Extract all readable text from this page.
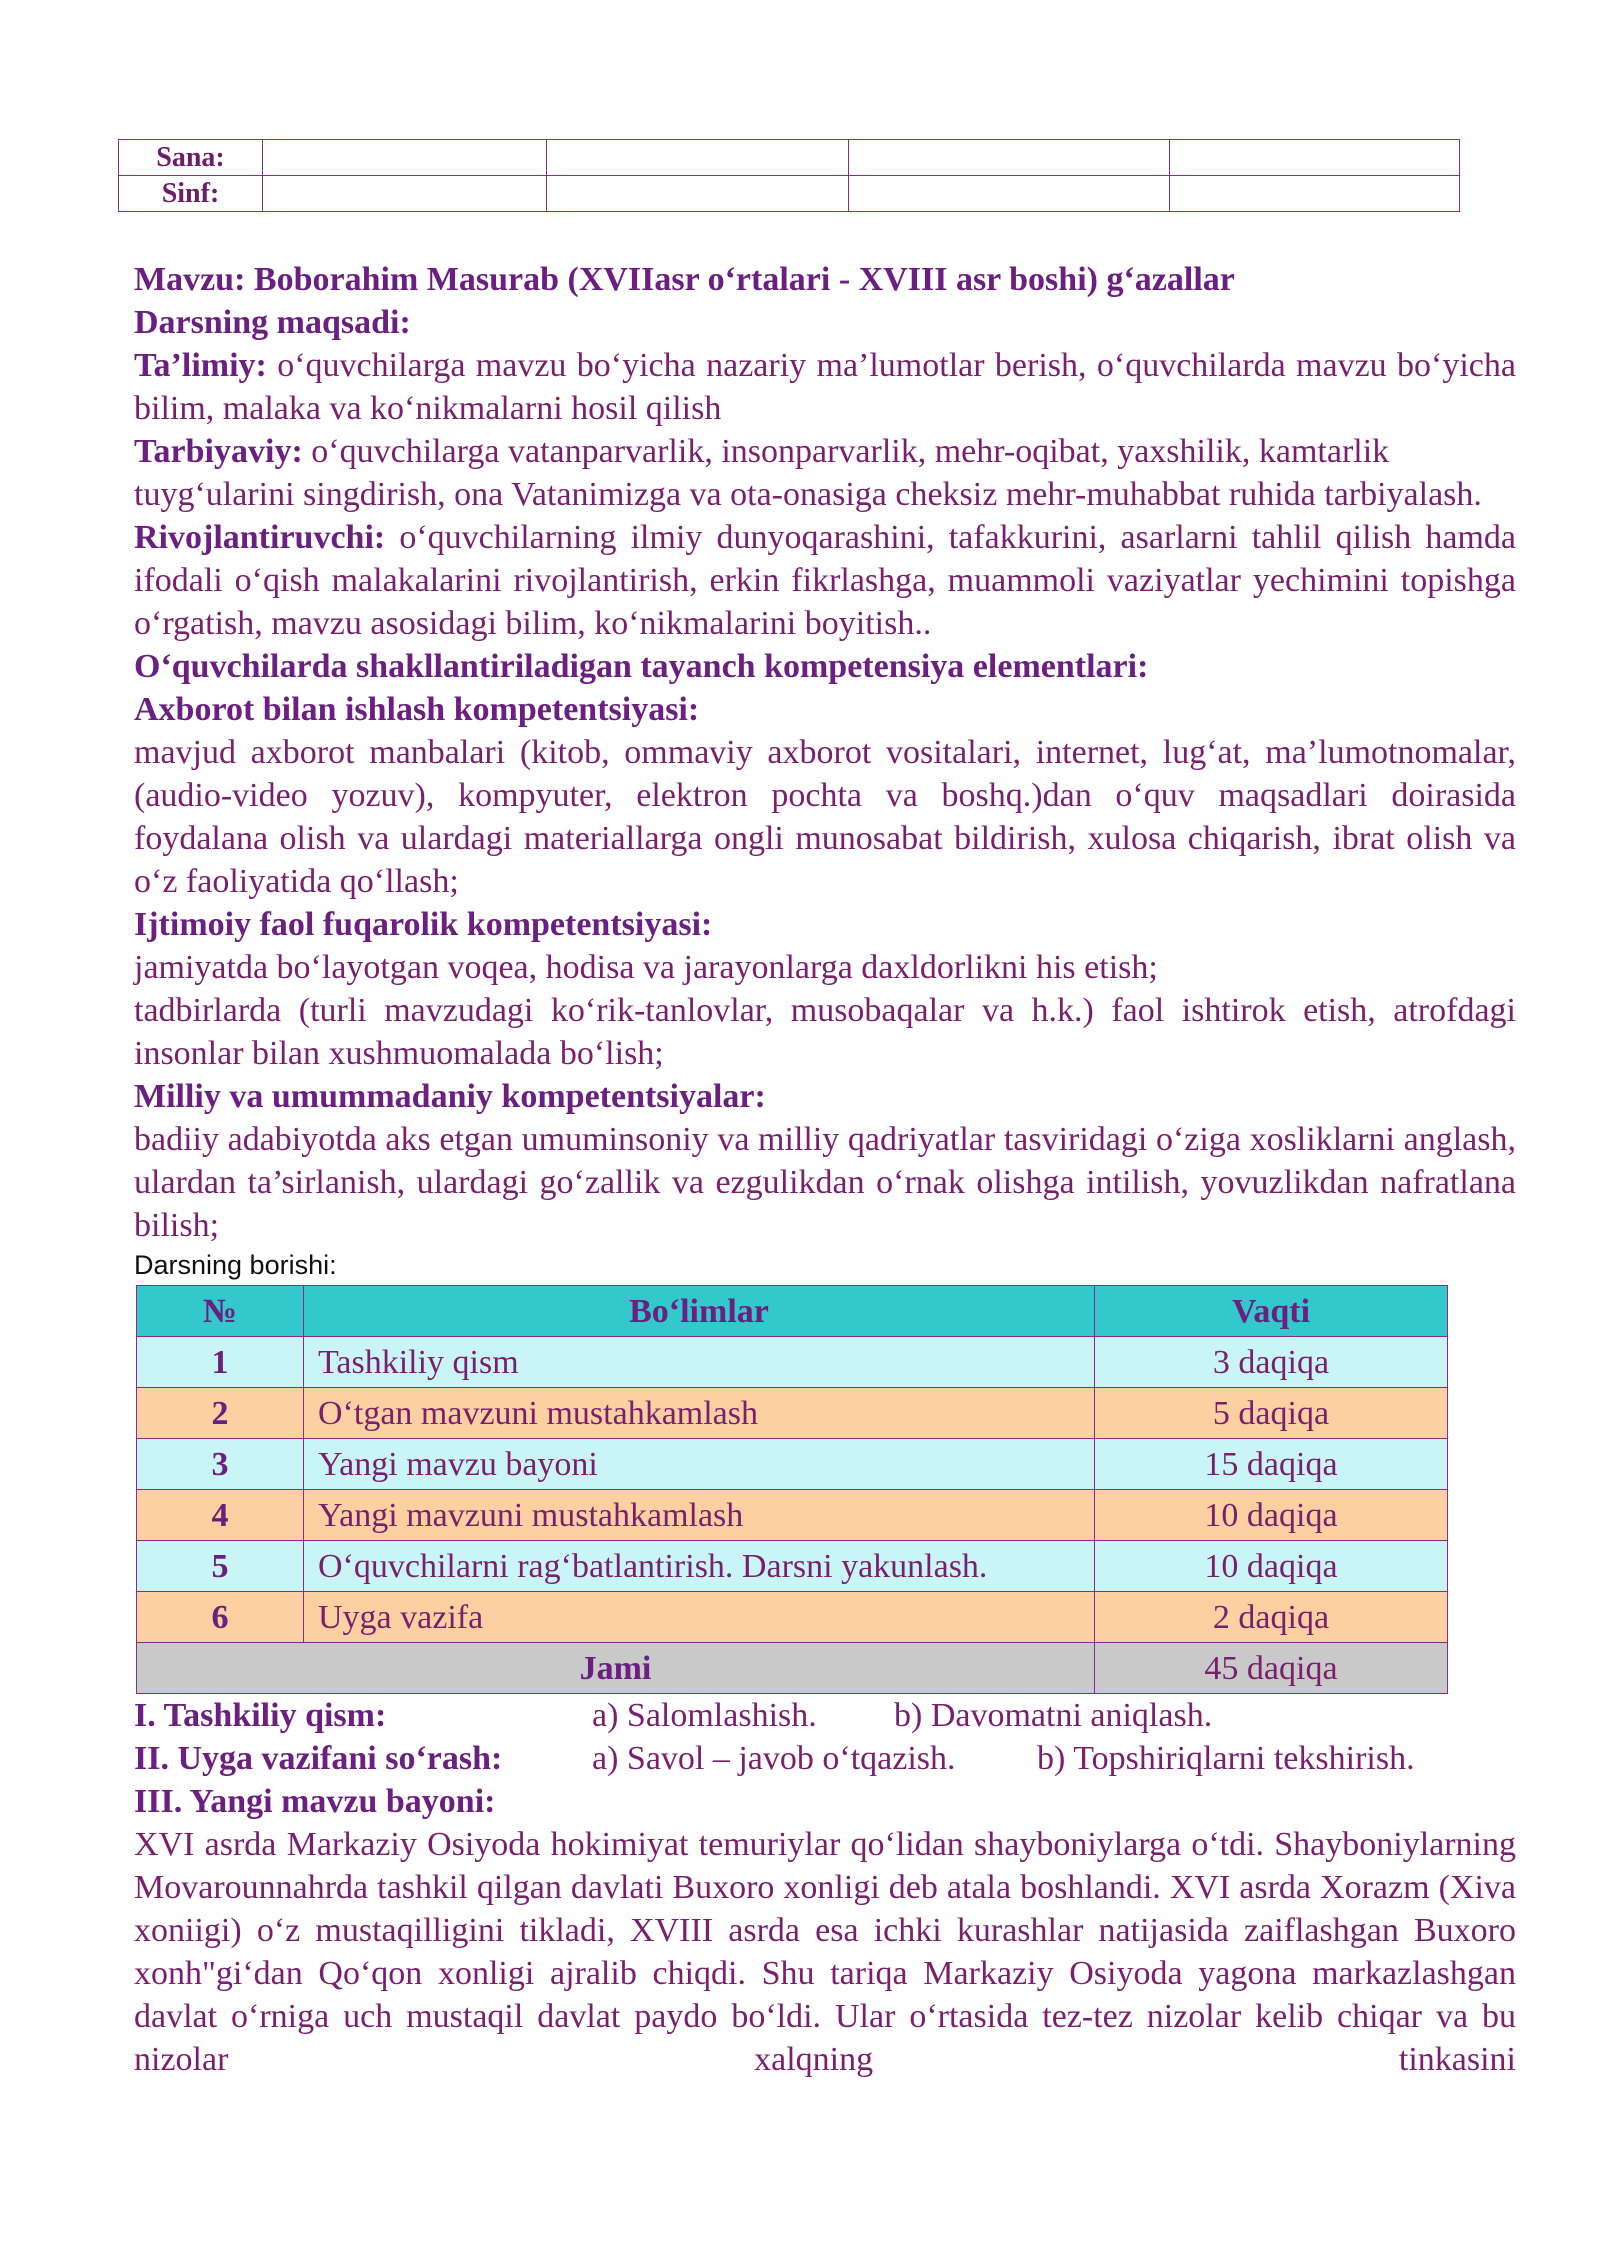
Sana:				
Sinf:				

Mavzu: Boborahim Masurab (XVIIasr o‘rtalari - XVIII asr boshi) g‘azallar

Darsning maqsadi:

Ta’limiy: o‘quvchilarga mavzu bo‘yicha nazariy ma’lumotlar berish, o‘quvchilarda mavzu bo‘yicha bilim, malaka va ko‘nikmalarni hosil qilish

Tarbiyaviy: o‘quvchilarga vatanparvarlik, insonparvarlik, mehr-oqibat, yaxshilik, kamtarlik tuyg‘ularini singdirish, ona Vatanimizga va ota-onasiga cheksiz mehr-muhabbat ruhida tarbiyalash.

Rivojlantiruvchi: o‘quvchilarning ilmiy dunyoqarashini, tafakkurini, asarlarni tahlil qilish hamda ifodali o‘qish malakalarini rivojlantirish, erkin fikrlashga, muammoli vaziyatlar yechimini topishga o‘rgatish, mavzu asosidagi bilim, ko‘nikmalarini boyitish..

O‘quvchilarda shakllantiriladigan tayanch kompetensiya elementlari:

Axborot bilan ishlash kompetentsiyasi:

mavjud axborot manbalari (kitob, ommaviy axborot vositalari, internet, lug‘at, ma’lumotnomalar, (audio-video yozuv), kompyuter, elektron pochta va boshq.)dan o‘quv maqsadlari doirasida foydalana olish va ulardagi materiallarga ongli munosabat bildirish, xulosa chiqarish, ibrat olish va o‘z faoliyatida qo‘llash;

Ijtimoiy faol fuqarolik kompetentsiyasi:

jamiyatda bo‘layotgan voqea, hodisa va jarayonlarga daxldorlikni his etish;

tadbirlarda (turli mavzudagi ko‘rik-tanlovlar, musobaqalar va h.k.) faol ishtirok etish, atrofdagi insonlar bilan xushmuomalada bo‘lish;

Milliy va umummadaniy kompetentsiyalar:

badiiy adabiyotda aks etgan umuminsoniy va milliy qadriyatlar tasviridagi o‘ziga xosliklarni anglash, ulardan ta’sirlanish, ulardagi go‘zallik va ezgulikdan o‘rnak olishga intilish, yovuzlikdan nafratlana bilish;

Darsning borishi:

№	Bo‘limlar	Vaqti
1	Tashkiliy qism	3 daqiqa
2	O‘tgan mavzuni mustahkamlash	5 daqiqa
3	Yangi mavzu bayoni	15 daqiqa
4	Yangi mavzuni mustahkamlash	10 daqiqa
5	O‘quvchilarni rag‘batlantirish. Darsni yakunlash.	10 daqiqa
6	Uyga vazifa	2 daqiqa
Jami		45 daqiqa
I. Tashkiliy qism:	a) Salomlashish.	b) Davomatni aniqlash.
II. Uyga vazifani so‘rash:	a) Savol – javob o‘tqazish.	b) Topshiriqlarni tekshirish.

III. Yangi mavzu bayoni:

XVI asrda Markaziy Osiyoda hokimiyat temuriylar qo‘lidan shayboniylarga o‘tdi. Shayboniylarning Movarounnahrda tashkil qilgan davlati Buxoro xonligi deb atala boshlandi. XVI asrda Xorazm (Xiva xoniigi) o‘z mustaqilligini tikladi, XVIII asrda esa ichki kurashlar natijasida zaiflashgan Buxoro xonh"gi‘dan Qo‘qon xonligi ajralib chiqdi. Shu tariqa Markaziy Osiyoda yagona markazlashgan davlat o‘rniga uch mustaqil davlat paydo bo‘ldi. Ular o‘rtasida tez-tez nizolar kelib chiqar va bu nizolar xalqning tinkasini
